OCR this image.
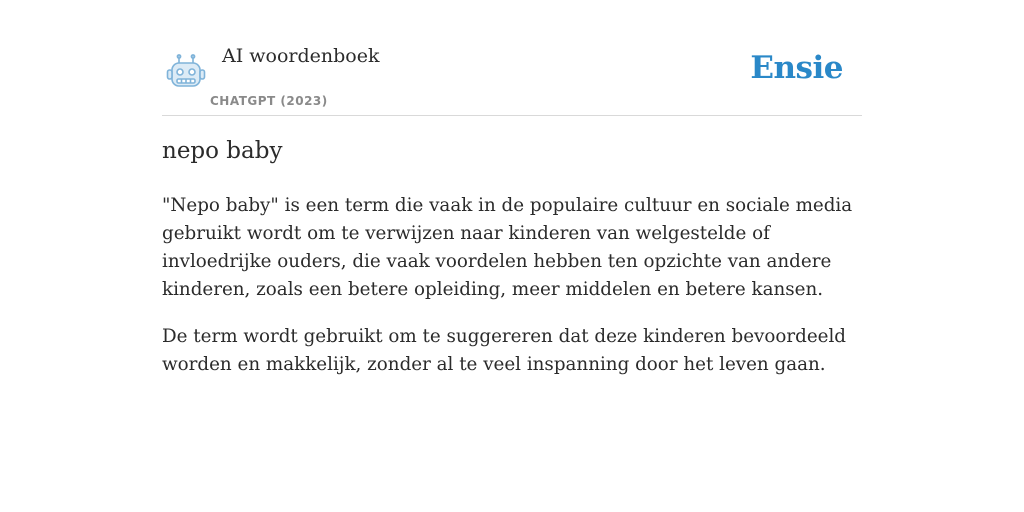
AI woordenboek
CHATGPT (2023)
Ensie
nepo baby

"Nepo baby" is een term die vaak in de populaire cultuur en sociale media gebruikt wordt om te verwijzen naar kinderen van welgestelde of invloedrijke ouders, die vaak voordelen hebben ten opzichte van andere kinderen, zoals een betere opleiding, meer middelen en betere kansen.

De term wordt gebruikt om te suggereren dat deze kinderen bevoordeeld worden en makkelijk, zonder al te veel inspanning door het leven gaan.
